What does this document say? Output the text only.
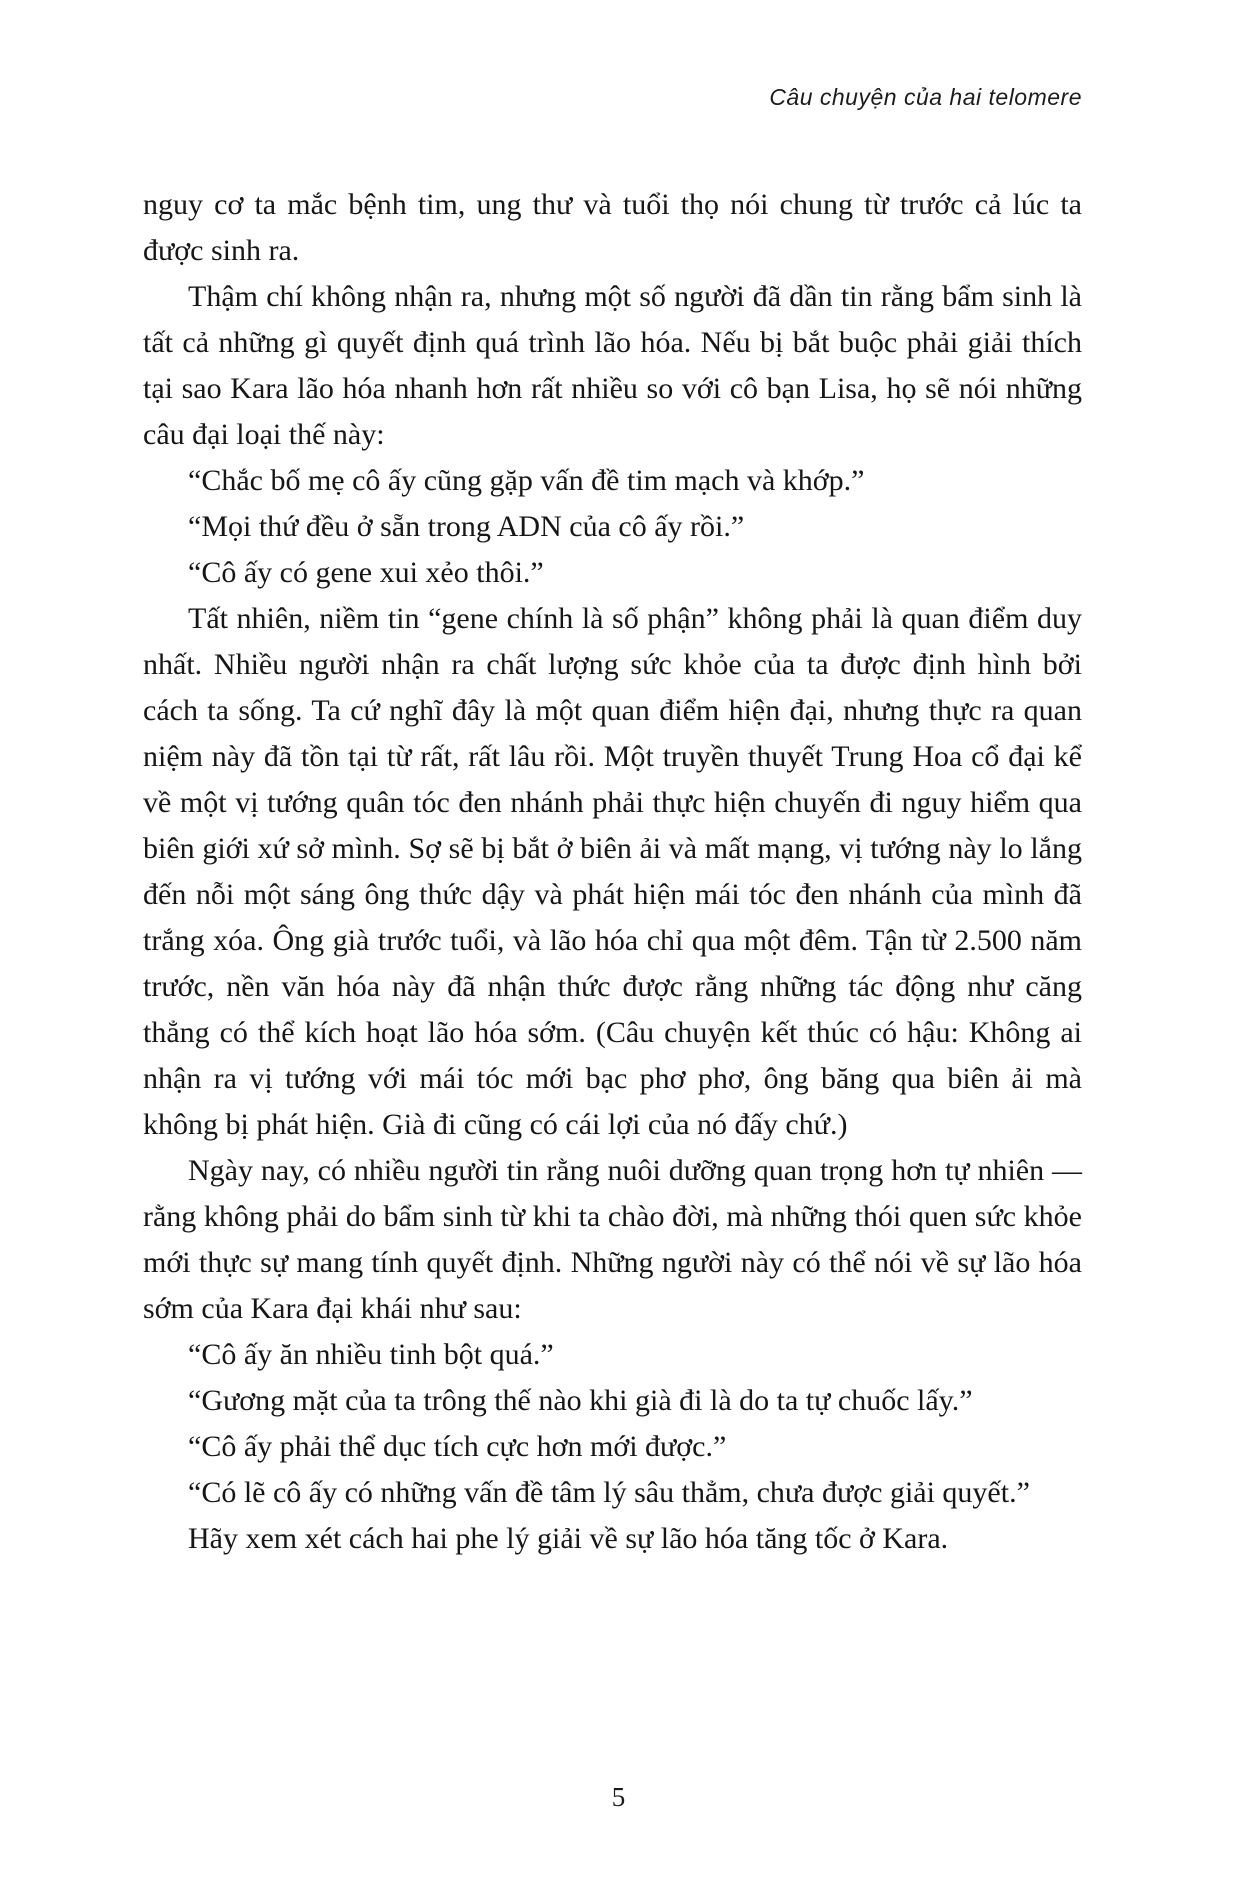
Câu chuyện của hai telomere

nguy cơ ta mắc bệnh tim, ung thư và tuổi thọ nói chung từ trước cả lúc ta được sinh ra.

Thậm chí không nhận ra, nhưng một số người đã dần tin rằng bẩm sinh là tất cả những gì quyết định quá trình lão hóa. Nếu bị bắt buộc phải giải thích tại sao Kara lão hóa nhanh hơn rất nhiều so với cô bạn Lisa, họ sẽ nói những câu đại loại thế này:

“Chắc bố mẹ cô ấy cũng gặp vấn đề tim mạch và khớp.”

“Mọi thứ đều ở sẵn trong ADN của cô ấy rồi.”

“Cô ấy có gene xui xẻo thôi.”

Tất nhiên, niềm tin “gene chính là số phận” không phải là quan điểm duy nhất. Nhiều người nhận ra chất lượng sức khỏe của ta được định hình bởi cách ta sống. Ta cứ nghĩ đây là một quan điểm hiện đại, nhưng thực ra quan niệm này đã tồn tại từ rất, rất lâu rồi. Một truyền thuyết Trung Hoa cổ đại kể về một vị tướng quân tóc đen nhánh phải thực hiện chuyến đi nguy hiểm qua biên giới xứ sở mình. Sợ sẽ bị bắt ở biên ải và mất mạng, vị tướng này lo lắng đến nỗi một sáng ông thức dậy và phát hiện mái tóc đen nhánh của mình đã trắng xóa. Ông già trước tuổi, và lão hóa chỉ qua một đêm. Tận từ 2.500 năm trước, nền văn hóa này đã nhận thức được rằng những tác động như căng thẳng có thể kích hoạt lão hóa sớm. (Câu chuyện kết thúc có hậu: Không ai nhận ra vị tướng với mái tóc mới bạc phơ phơ, ông băng qua biên ải mà không bị phát hiện. Già đi cũng có cái lợi của nó đấy chứ.)

Ngày nay, có nhiều người tin rằng nuôi dưỡng quan trọng hơn tự nhiên — rằng không phải do bẩm sinh từ khi ta chào đời, mà những thói quen sức khỏe mới thực sự mang tính quyết định. Những người này có thể nói về sự lão hóa sớm của Kara đại khái như sau:

“Cô ấy ăn nhiều tinh bột quá.”

“Gương mặt của ta trông thế nào khi già đi là do ta tự chuốc lấy.”

“Cô ấy phải thể dục tích cực hơn mới được.”

“Có lẽ cô ấy có những vấn đề tâm lý sâu thẳm, chưa được giải quyết.”

Hãy xem xét cách hai phe lý giải về sự lão hóa tăng tốc ở Kara.

5
